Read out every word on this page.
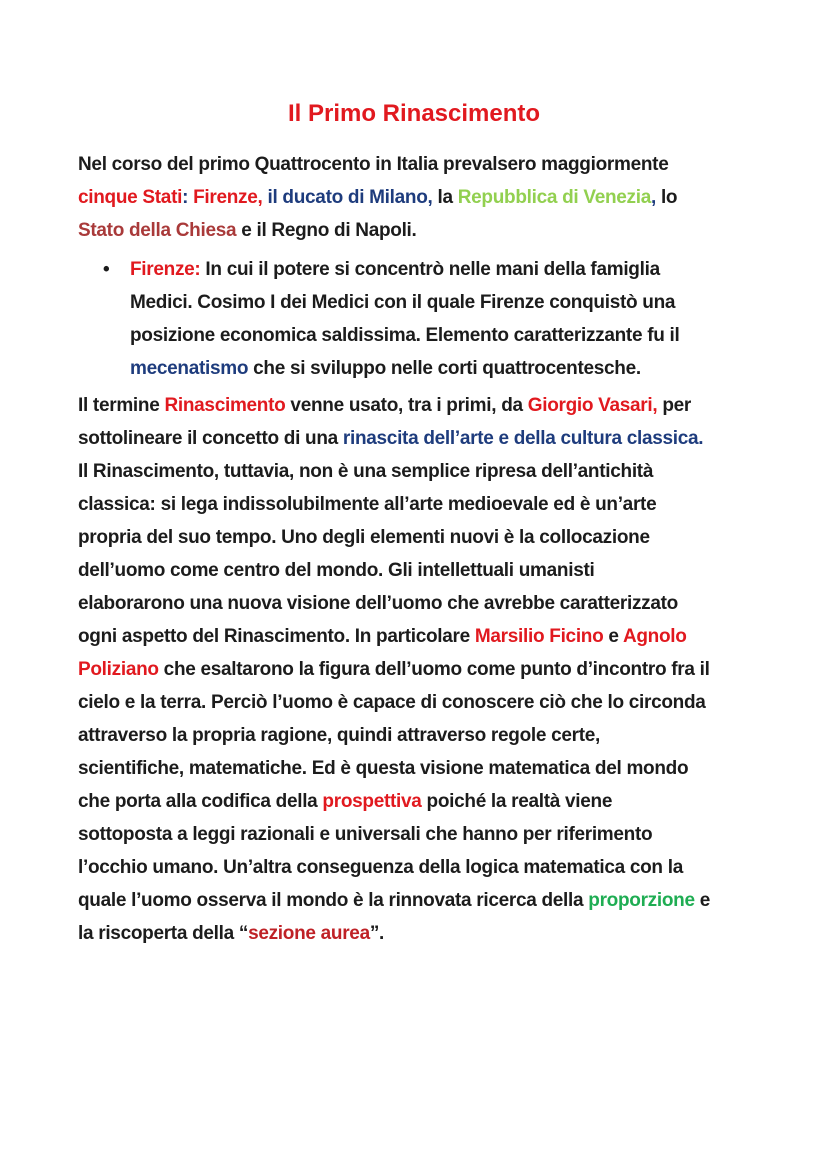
Il Primo Rinascimento
Nel corso del primo Quattrocento in Italia prevalsero maggiormente
cinque Stati: Firenze, il ducato di Milano, la Repubblica di Venezia, lo
Stato della Chiesa e il Regno di Napoli.
• Firenze: In cui il potere si concentrò nelle mani della famiglia
Medici. Cosimo I dei Medici con il quale Firenze conquistò una
posizione economica saldissima. Elemento caratterizzante fu il
mecenatismo che si sviluppo nelle corti quattrocentesche.
Il termine Rinascimento venne usato, tra i primi, da Giorgio Vasari, per
sottolineare il concetto di una rinascita dell’arte e della cultura classica.
Il Rinascimento, tuttavia, non è una semplice ripresa dell’antichità
classica: si lega indissolubilmente all’arte medioevale ed è un’arte
propria del suo tempo. Uno degli elementi nuovi è la collocazione
dell’uomo come centro del mondo. Gli intellettuali umanisti
elaborarono una nuova visione dell’uomo che avrebbe caratterizzato
ogni aspetto del Rinascimento. In particolare Marsilio Ficino e Agnolo
Poliziano che esaltarono la figura dell’uomo come punto d’incontro fra il
cielo e la terra. Perciò l’uomo è capace di conoscere ciò che lo circonda
attraverso la propria ragione, quindi attraverso regole certe,
scientifiche, matematiche. Ed è questa visione matematica del mondo
che porta alla codifica della prospettiva poiché la realtà viene
sottoposta a leggi razionali e universali che hanno per riferimento
l’occhio umano. Un’altra conseguenza della logica matematica con la
quale l’uomo osserva il mondo è la rinnovata ricerca della proporzione e
la riscoperta della “sezione aurea”.
